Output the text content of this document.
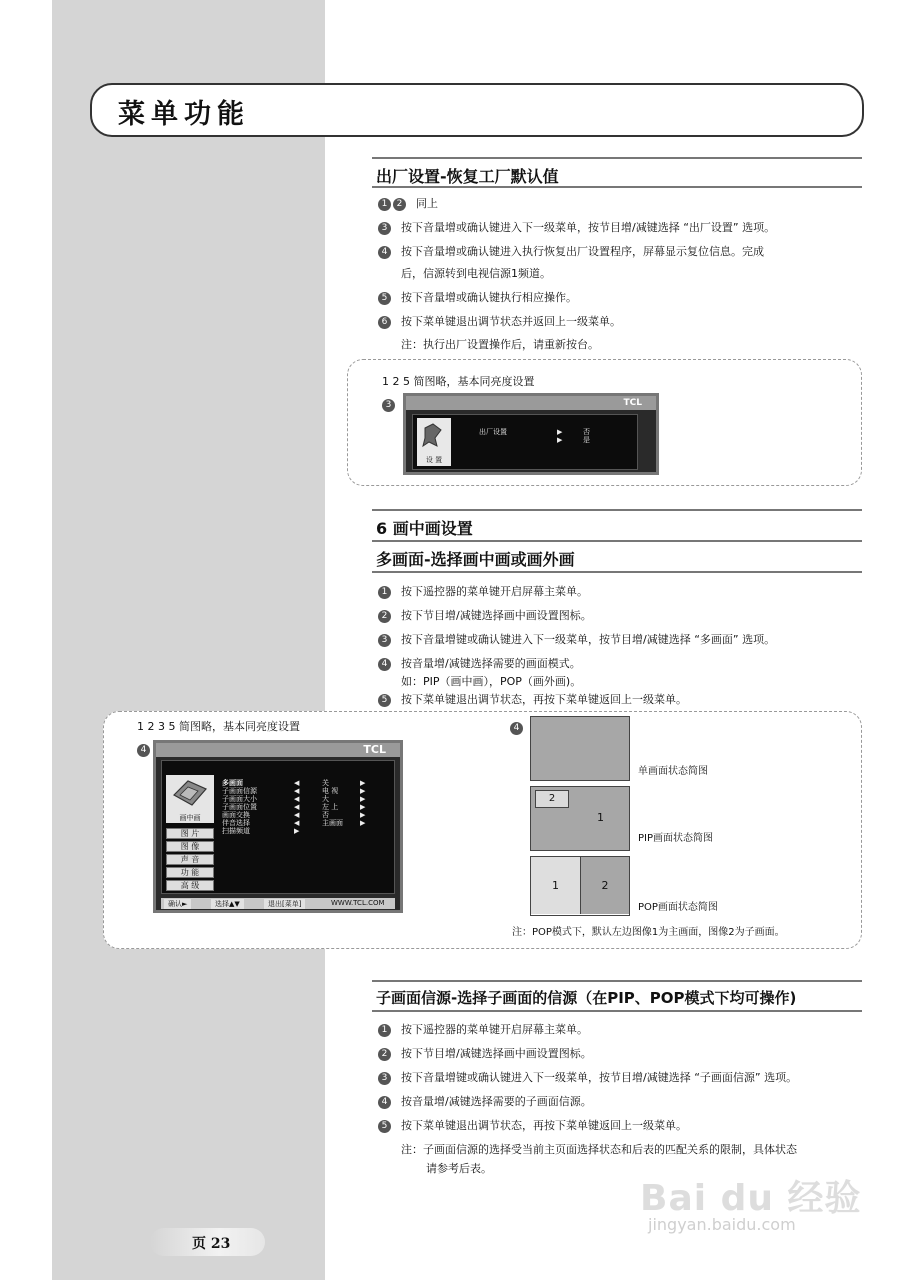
菜单功能
出厂设置-恢复工厂默认值
1 2 同上
3 按下音量增或确认键进入下一级菜单，按节目增/减键选择 “出厂设置” 选项。
4 按下音量增或确认键进入执行恢复出厂设置程序，屏幕显示复位信息。完成
后，信源转到电视信源1频道。
5 按下音量增或确认键执行相应操作。
6 按下菜单键退出调节状态并返回上一级菜单。
注：执行出厂设置操作后，请重新按台。
1 2 5 简图略，基本同亮度设置
3	TCL
设 置
出厂设置	▶
▶
否
是
6 画中画设置
多画面-选择画中画或画外画
1 按下遥控器的菜单键开启屏幕主菜单。
2 按下节目增/减键选择画中画设置图标。
3 按下音量增键或确认键进入下一级菜单，按节目增/减键选择 “多画面” 选项。
4 按音量增/减键选择需要的画面模式。
如：PIP（画中画），POP（画外画)。
5 按下菜单键退出调节状态，再按下菜单键返回上一级菜单。
1 2 3 5 简图略，基本同亮度设置
4
4
TCL
画中画
图 片
图 像
声 音
功 能
高 级
多画面	◀	关	▶
子画面信源	◀	电 视	▶
子画面大小	◀	大	▶
子画面位置	◀	左 上	▶
画面交换	◀	否	▶
伴音选择	◀	主画面 ▶
扫描频道	▶
确认►	选择▲▼	退出[菜单]	WWW.TCL.COM
单画面状态简图
2
1
PIP画面状态简图
1	2
POP画面状态简图
注：POP模式下，默认左边图像1为主画面，图像2为子画面。
子画面信源-选择子画面的信源（在PIP、POP模式下均可操作)
1 按下遥控器的菜单键开启屏幕主菜单。
2 按下节目增/减键选择画中画设置图标。
3 按下音量增键或确认键进入下一级菜单，按节目增/减键选择 “子画面信源” 选项。
4 按音量增/减键选择需要的子画面信源。
5 按下菜单键退出调节状态，再按下菜单键返回上一级菜单。
注：子画面信源的选择受当前主页面选择状态和后表的匹配关系的限制，具体状态
请参考后表。
Bai du 经验
jingyan.baidu.com
页 23
